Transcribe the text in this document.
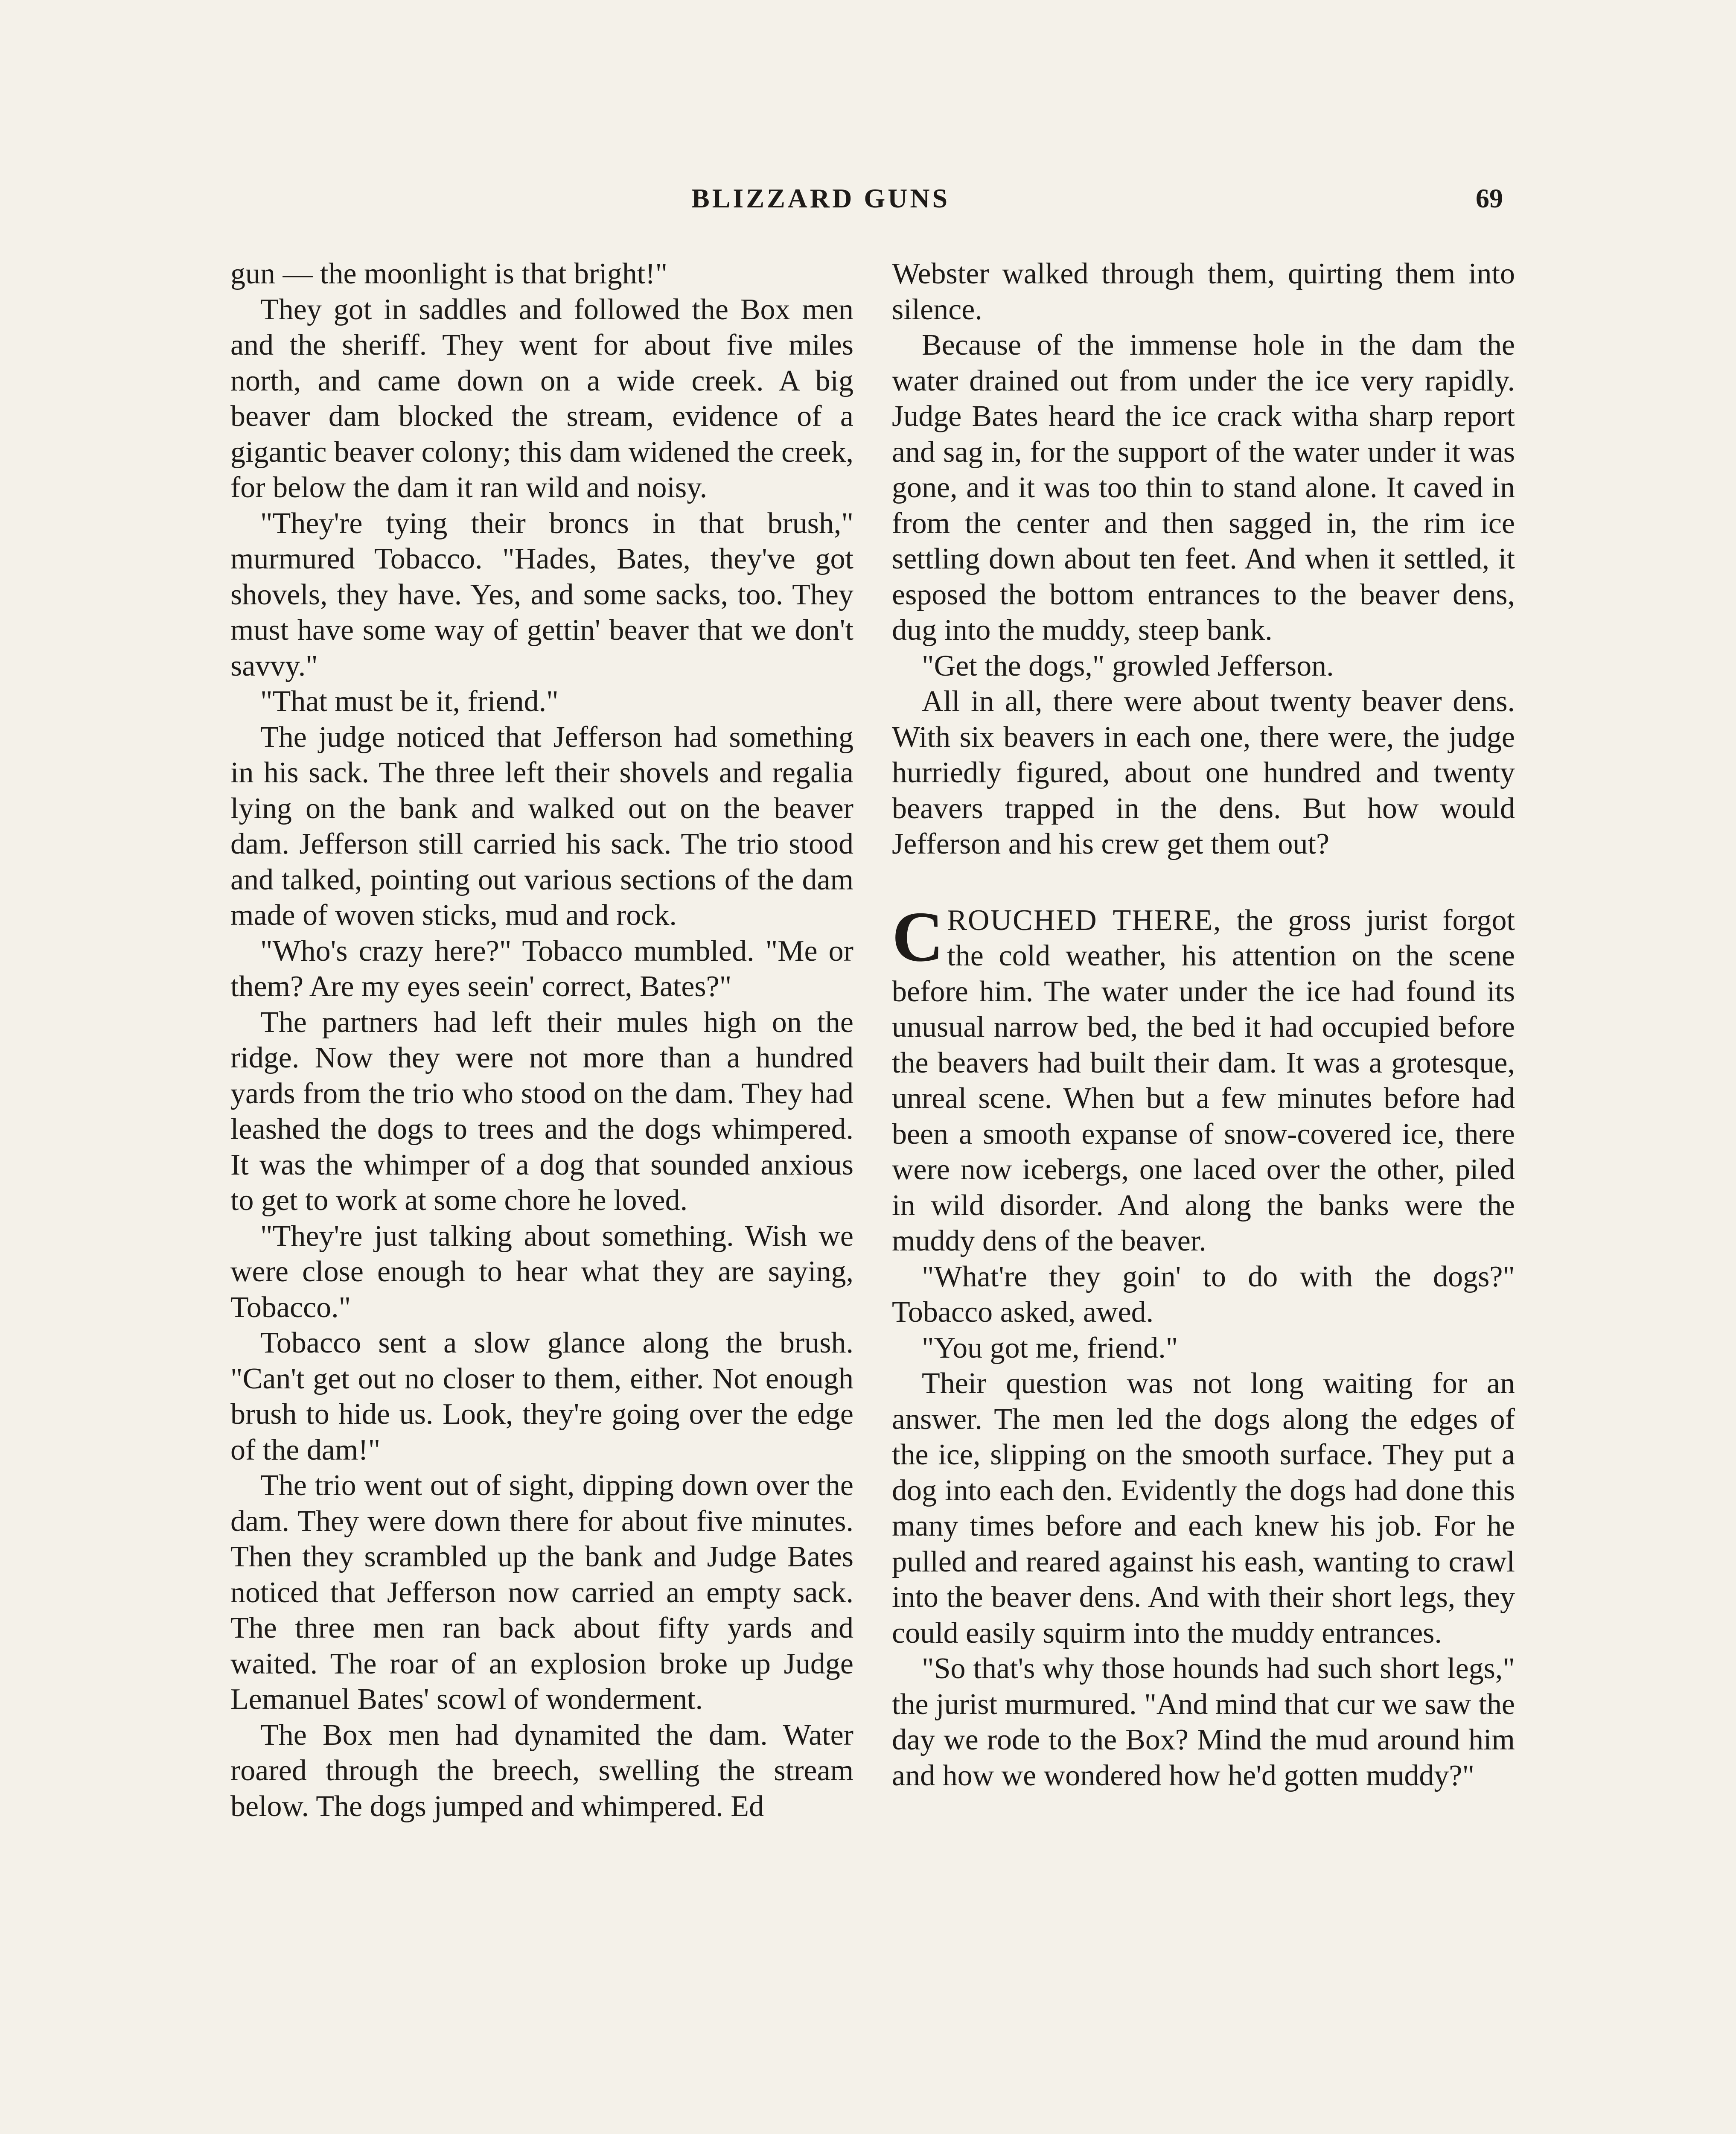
BLIZZARD GUNS	69

gun — the moonlight is that bright!"

They got in saddles and followed the Box men and the sheriff. They went for about five miles north, and came down on a wide creek. A big beaver dam blocked the stream, evidence of a gigantic beaver colony; this dam widened the creek, for below the dam it ran wild and noisy.

"They're tying their broncs in that brush," murmured Tobacco. "Hades, Bates, they've got shovels, they have. Yes, and some sacks, too. They must have some way of gettin' beaver that we don't savvy."

"That must be it, friend."

The judge noticed that Jefferson had something in his sack. The three left their shovels and regalia lying on the bank and walked out on the beaver dam. Jefferson still carried his sack. The trio stood and talked, pointing out various sections of the dam made of woven sticks, mud and rock.

"Who's crazy here?" Tobacco mumbled. "Me or them? Are my eyes seein' correct, Bates?"

The partners had left their mules high on the ridge. Now they were not more than a hundred yards from the trio who stood on the dam. They had leashed the dogs to trees and the dogs whimpered. It was the whimper of a dog that sounded anxious to get to work at some chore he loved.

"They're just talking about something. Wish we were close enough to hear what they are saying, Tobacco."

Tobacco sent a slow glance along the brush. "Can't get out no closer to them, either. Not enough brush to hide us. Look, they're going over the edge of the dam!"

The trio went out of sight, dipping down over the dam. They were down there for about five minutes. Then they scrambled up the bank and Judge Bates noticed that Jefferson now carried an empty sack. The three men ran back about fifty yards and waited. The roar of an explosion broke up Judge Lemanuel Bates' scowl of wonderment.

The Box men had dynamited the dam. Water roared through the breech, swelling the stream below. The dogs jumped and whimpered. Ed

Webster walked through them, quirting them into silence.

Because of the immense hole in the dam the water drained out from under the ice very rapidly. Judge Bates heard the ice crack witha sharp report and sag in, for the support of the water under it was gone, and it was too thin to stand alone. It caved in from the center and then sagged in, the rim ice settling down about ten feet. And when it settled, it esposed the bottom entrances to the beaver dens, dug into the muddy, steep bank.

"Get the dogs," growled Jefferson.

All in all, there were about twenty beaver dens. With six beavers in each one, there were, the judge hurriedly figured, about one hundred and twenty beavers trapped in the dens. But how would Jefferson and his crew get them out?

CROUCHED THERE, the gross jurist forgot the cold weather, his attention on the scene before him. The water under the ice had found its unusual narrow bed, the bed it had occupied before the beavers had built their dam. It was a grotesque, unreal scene. When but a few minutes before had been a smooth expanse of snow-covered ice, there were now icebergs, one laced over the other, piled in wild disorder. And along the banks were the muddy dens of the beaver.

"What're they goin' to do with the dogs?" Tobacco asked, awed.

"You got me, friend."

Their question was not long waiting for an answer. The men led the dogs along the edges of the ice, slipping on the smooth surface. They put a dog into each den. Evidently the dogs had done this many times before and each knew his job. For he pulled and reared against his eash, wanting to crawl into the beaver dens. And with their short legs, they could easily squirm into the muddy entrances.

"So that's why those hounds had such short legs," the jurist murmured. "And mind that cur we saw the day we rode to the Box? Mind the mud around him and how we wondered how he'd gotten muddy?"
